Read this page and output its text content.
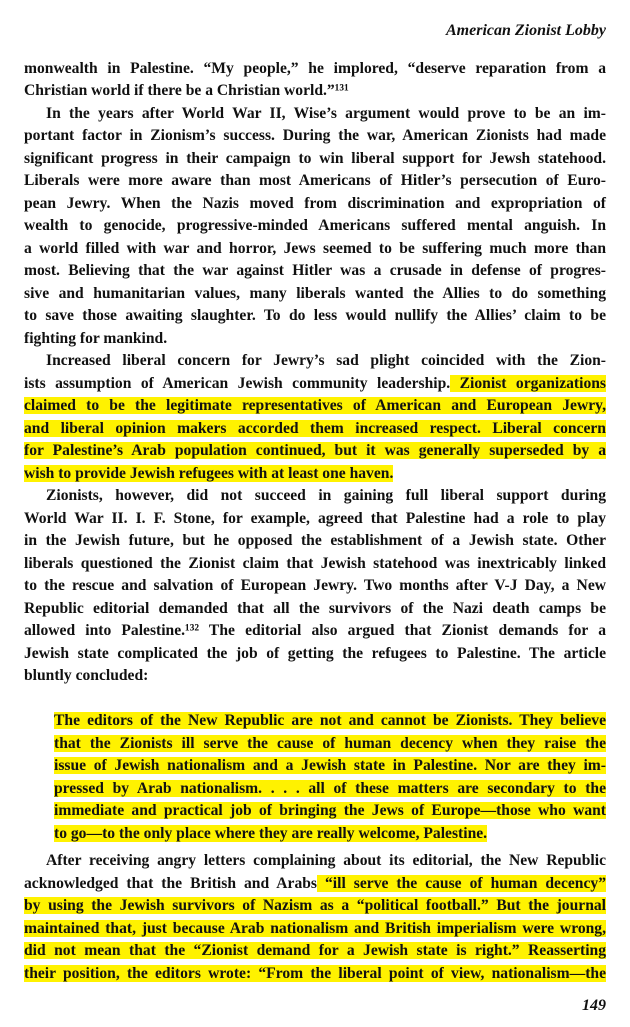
American Zionist Lobby
monwealth in Palestine. “My people,” he implored, “deserve reparation from a
Christian world if there be a Christian world.”¹³¹
In the years after World War II, Wise’s argument would prove to be an im-
portant factor in Zionism’s success. During the war, American Zionists had made
significant progress in their campaign to win liberal support for Jewsh statehood.
Liberals were more aware than most Americans of Hitler’s persecution of Euro-
pean Jewry. When the Nazis moved from discrimination and expropriation of
wealth to genocide, progressive-minded Americans suffered mental anguish. In
a world filled with war and horror, Jews seemed to be suffering much more than
most. Believing that the war against Hitler was a crusade in defense of progres-
sive and humanitarian values, many liberals wanted the Allies to do something
to save those awaiting slaughter. To do less would nullify the Allies’ claim to be
fighting for mankind.
Increased liberal concern for Jewry’s sad plight coincided with the Zion-
ists assumption of American Jewish community leadership. Zionist organizations
claimed to be the legitimate representatives of American and European Jewry,
and liberal opinion makers accorded them increased respect. Liberal concern
for Palestine’s Arab population continued, but it was generally superseded by a
wish to provide Jewish refugees with at least one haven.
Zionists, however, did not succeed in gaining full liberal support during
World War II. I. F. Stone, for example, agreed that Palestine had a role to play
in the Jewish future, but he opposed the establishment of a Jewish state. Other
liberals questioned the Zionist claim that Jewish statehood was inextricably linked
to the rescue and salvation of European Jewry. Two months after V-J Day, a New
Republic editorial demanded that all the survivors of the Nazi death camps be
allowed into Palestine.¹³² The editorial also argued that Zionist demands for a
Jewish state complicated the job of getting the refugees to Palestine. The article
bluntly concluded:
The editors of the New Republic are not and cannot be Zionists. They believe
that the Zionists ill serve the cause of human decency when they raise the
issue of Jewish nationalism and a Jewish state in Palestine. Nor are they im-
pressed by Arab nationalism. . . . all of these matters are secondary to the
immediate and practical job of bringing the Jews of Europe—those who want
to go—to the only place where they are really welcome, Palestine.
After receiving angry letters complaining about its editorial, the New Republic
acknowledged that the British and Arabs “ill serve the cause of human decency”
by using the Jewish survivors of Nazism as a “political football.” But the journal
maintained that, just because Arab nationalism and British imperialism were wrong,
did not mean that the “Zionist demand for a Jewish state is right.” Reasserting
their position, the editors wrote: “From the liberal point of view, nationalism—the
149
